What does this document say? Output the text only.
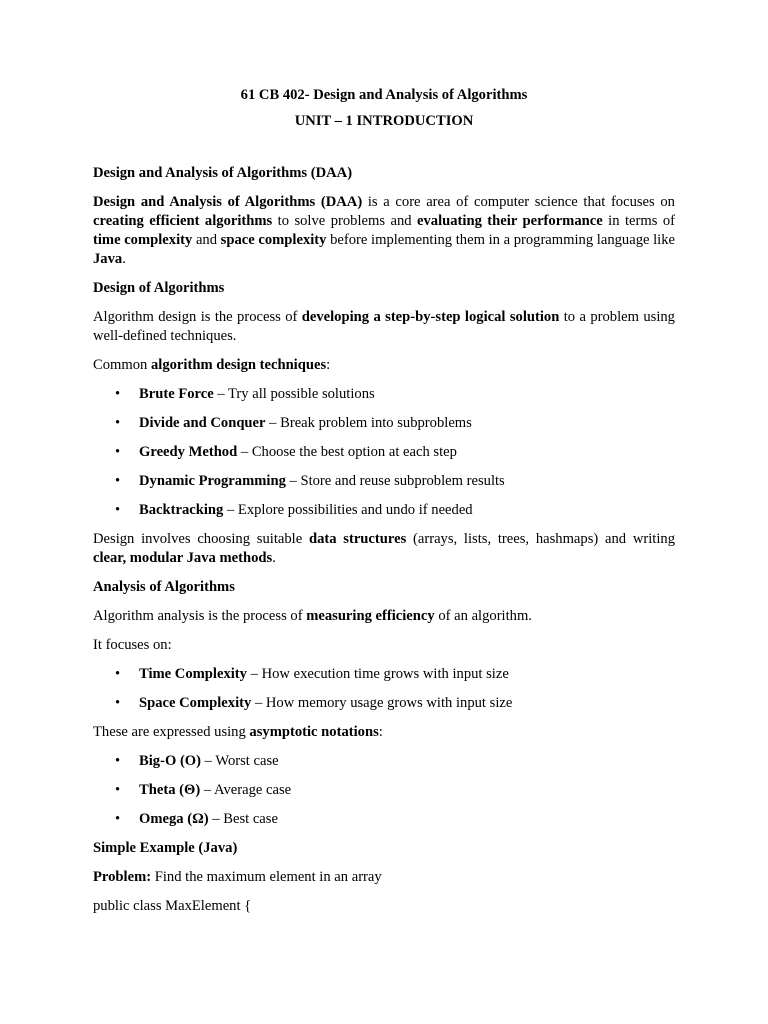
61 CB 402- Design and Analysis of Algorithms

UNIT – 1 INTRODUCTION

Design and Analysis of Algorithms (DAA)

Design and Analysis of Algorithms (DAA) is a core area of computer science that focuses on creating efficient algorithms to solve problems and evaluating their performance in terms of time complexity and space complexity before implementing them in a programming language like Java.

Design of Algorithms

Algorithm design is the process of developing a step-by-step logical solution to a problem using well-defined techniques.

Common algorithm design techniques:

• Brute Force – Try all possible solutions
• Divide and Conquer – Break problem into subproblems
• Greedy Method – Choose the best option at each step
• Dynamic Programming – Store and reuse subproblem results
• Backtracking – Explore possibilities and undo if needed

Design involves choosing suitable data structures (arrays, lists, trees, hashmaps) and writing clear, modular Java methods.

Analysis of Algorithms

Algorithm analysis is the process of measuring efficiency of an algorithm.

It focuses on:

• Time Complexity – How execution time grows with input size
• Space Complexity – How memory usage grows with input size

These are expressed using asymptotic notations:

• Big-O (O) – Worst case
• Theta (Θ) – Average case
• Omega (Ω) – Best case

Simple Example (Java)

Problem: Find the maximum element in an array

public class MaxElement {
